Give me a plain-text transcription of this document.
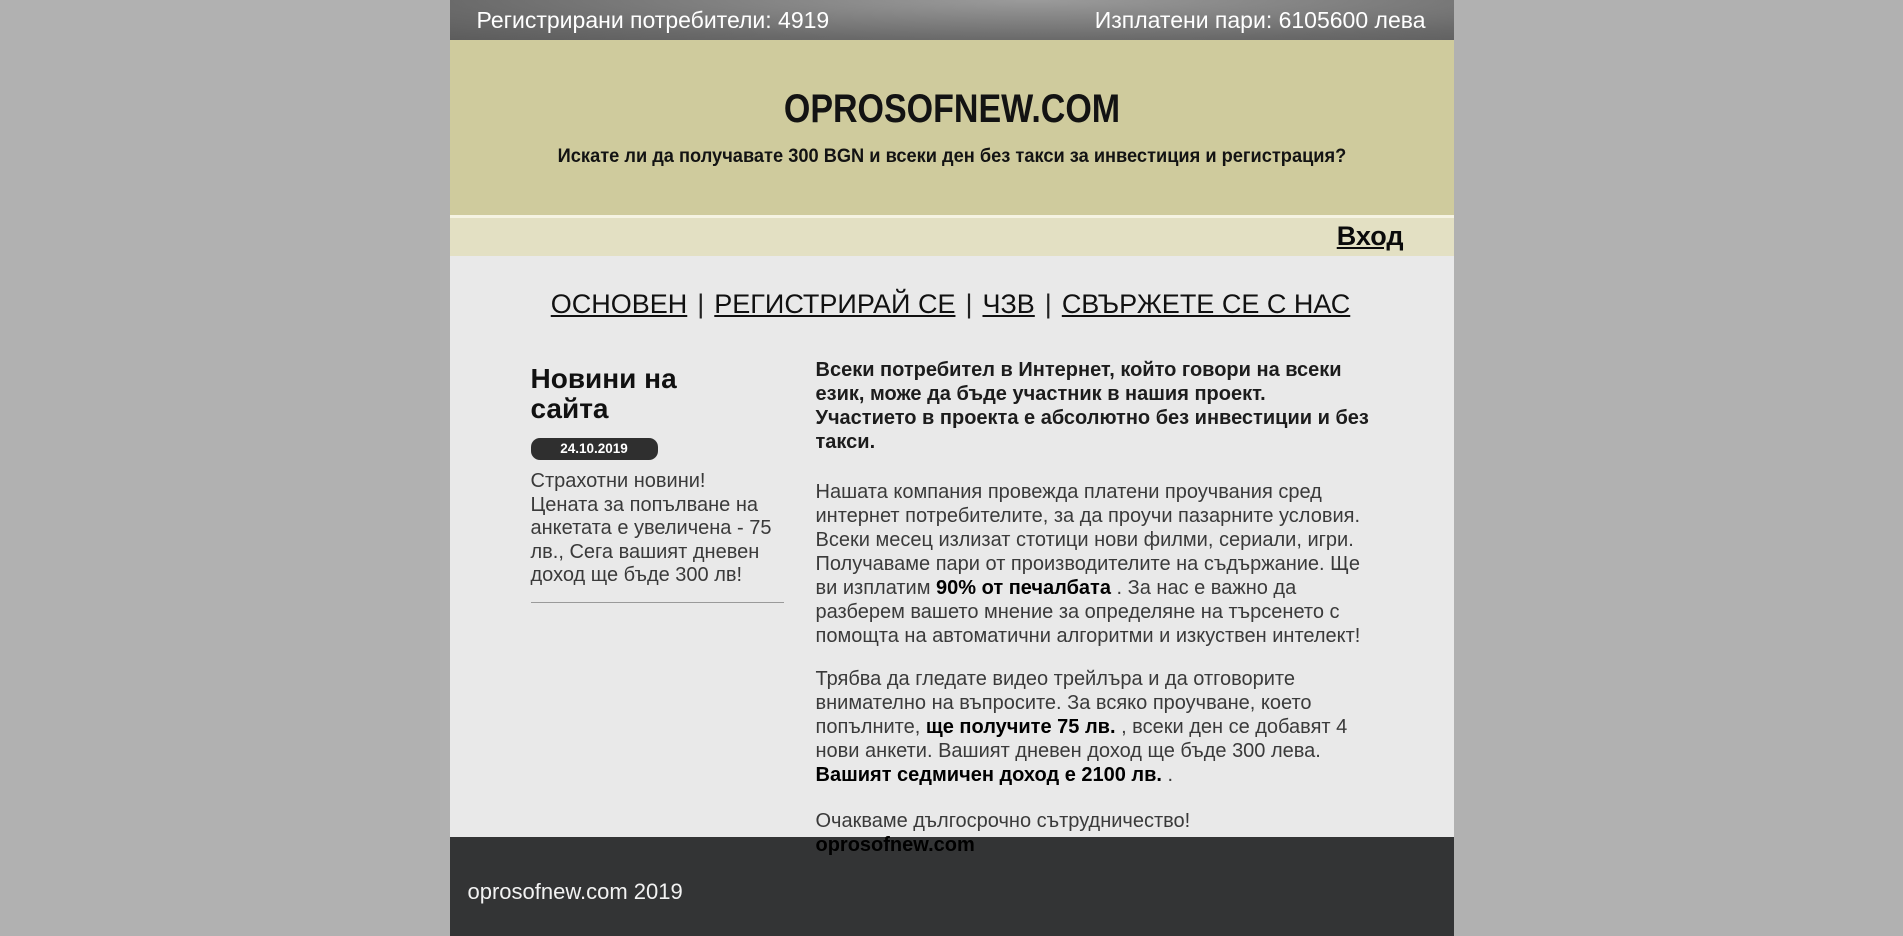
Регистрирани потребители: 4919	Изплатени пари: 6105600 лева
OPROSOFNEW.COM
Искате ли да получавате 300 BGN и всеки ден без такси за инвестиция и регистрация?
Вход
ОСНОВЕН | РЕГИСТРИРАЙ СЕ | ЧЗВ | СВЪРЖЕТЕ СЕ С НАС
Новини на сайта
24.10.2019
Страхотни новини!
Цената за попълване на анкетата е увеличена - 75 лв., Сега вашият дневен доход ще бъде 300 лв!

Всеки потребител в Интернет, който говори на всеки език, може да бъде участник в нашия проект. Участието в проекта е абсолютно без инвестиции и без такси.

Нашата компания провежда платени проучвания сред интернет потребителите, за да проучи пазарните условия. Всеки месец излизат стотици нови филми, сериали, игри. Получаваме пари от производителите на съдържание. Ще ви изплатим 90% от печалбата . За нас е важно да разберем вашето мнение за определяне на търсенето с помощта на автоматични алгоритми и изкуствен интелект!

Трябва да гледате видео трейлъра и да отговорите внимателно на въпросите. За всяко проучване, което попълните, ще получите 75 лв. , всеки ден се добавят 4 нови анкети. Вашият дневен доход ще бъде 300 лева. Вашият седмичен доход е 2100 лв. .

Очакваме дългосрочно сътрудничество!
oprosofnew.com

oprosofnew.com 2019
